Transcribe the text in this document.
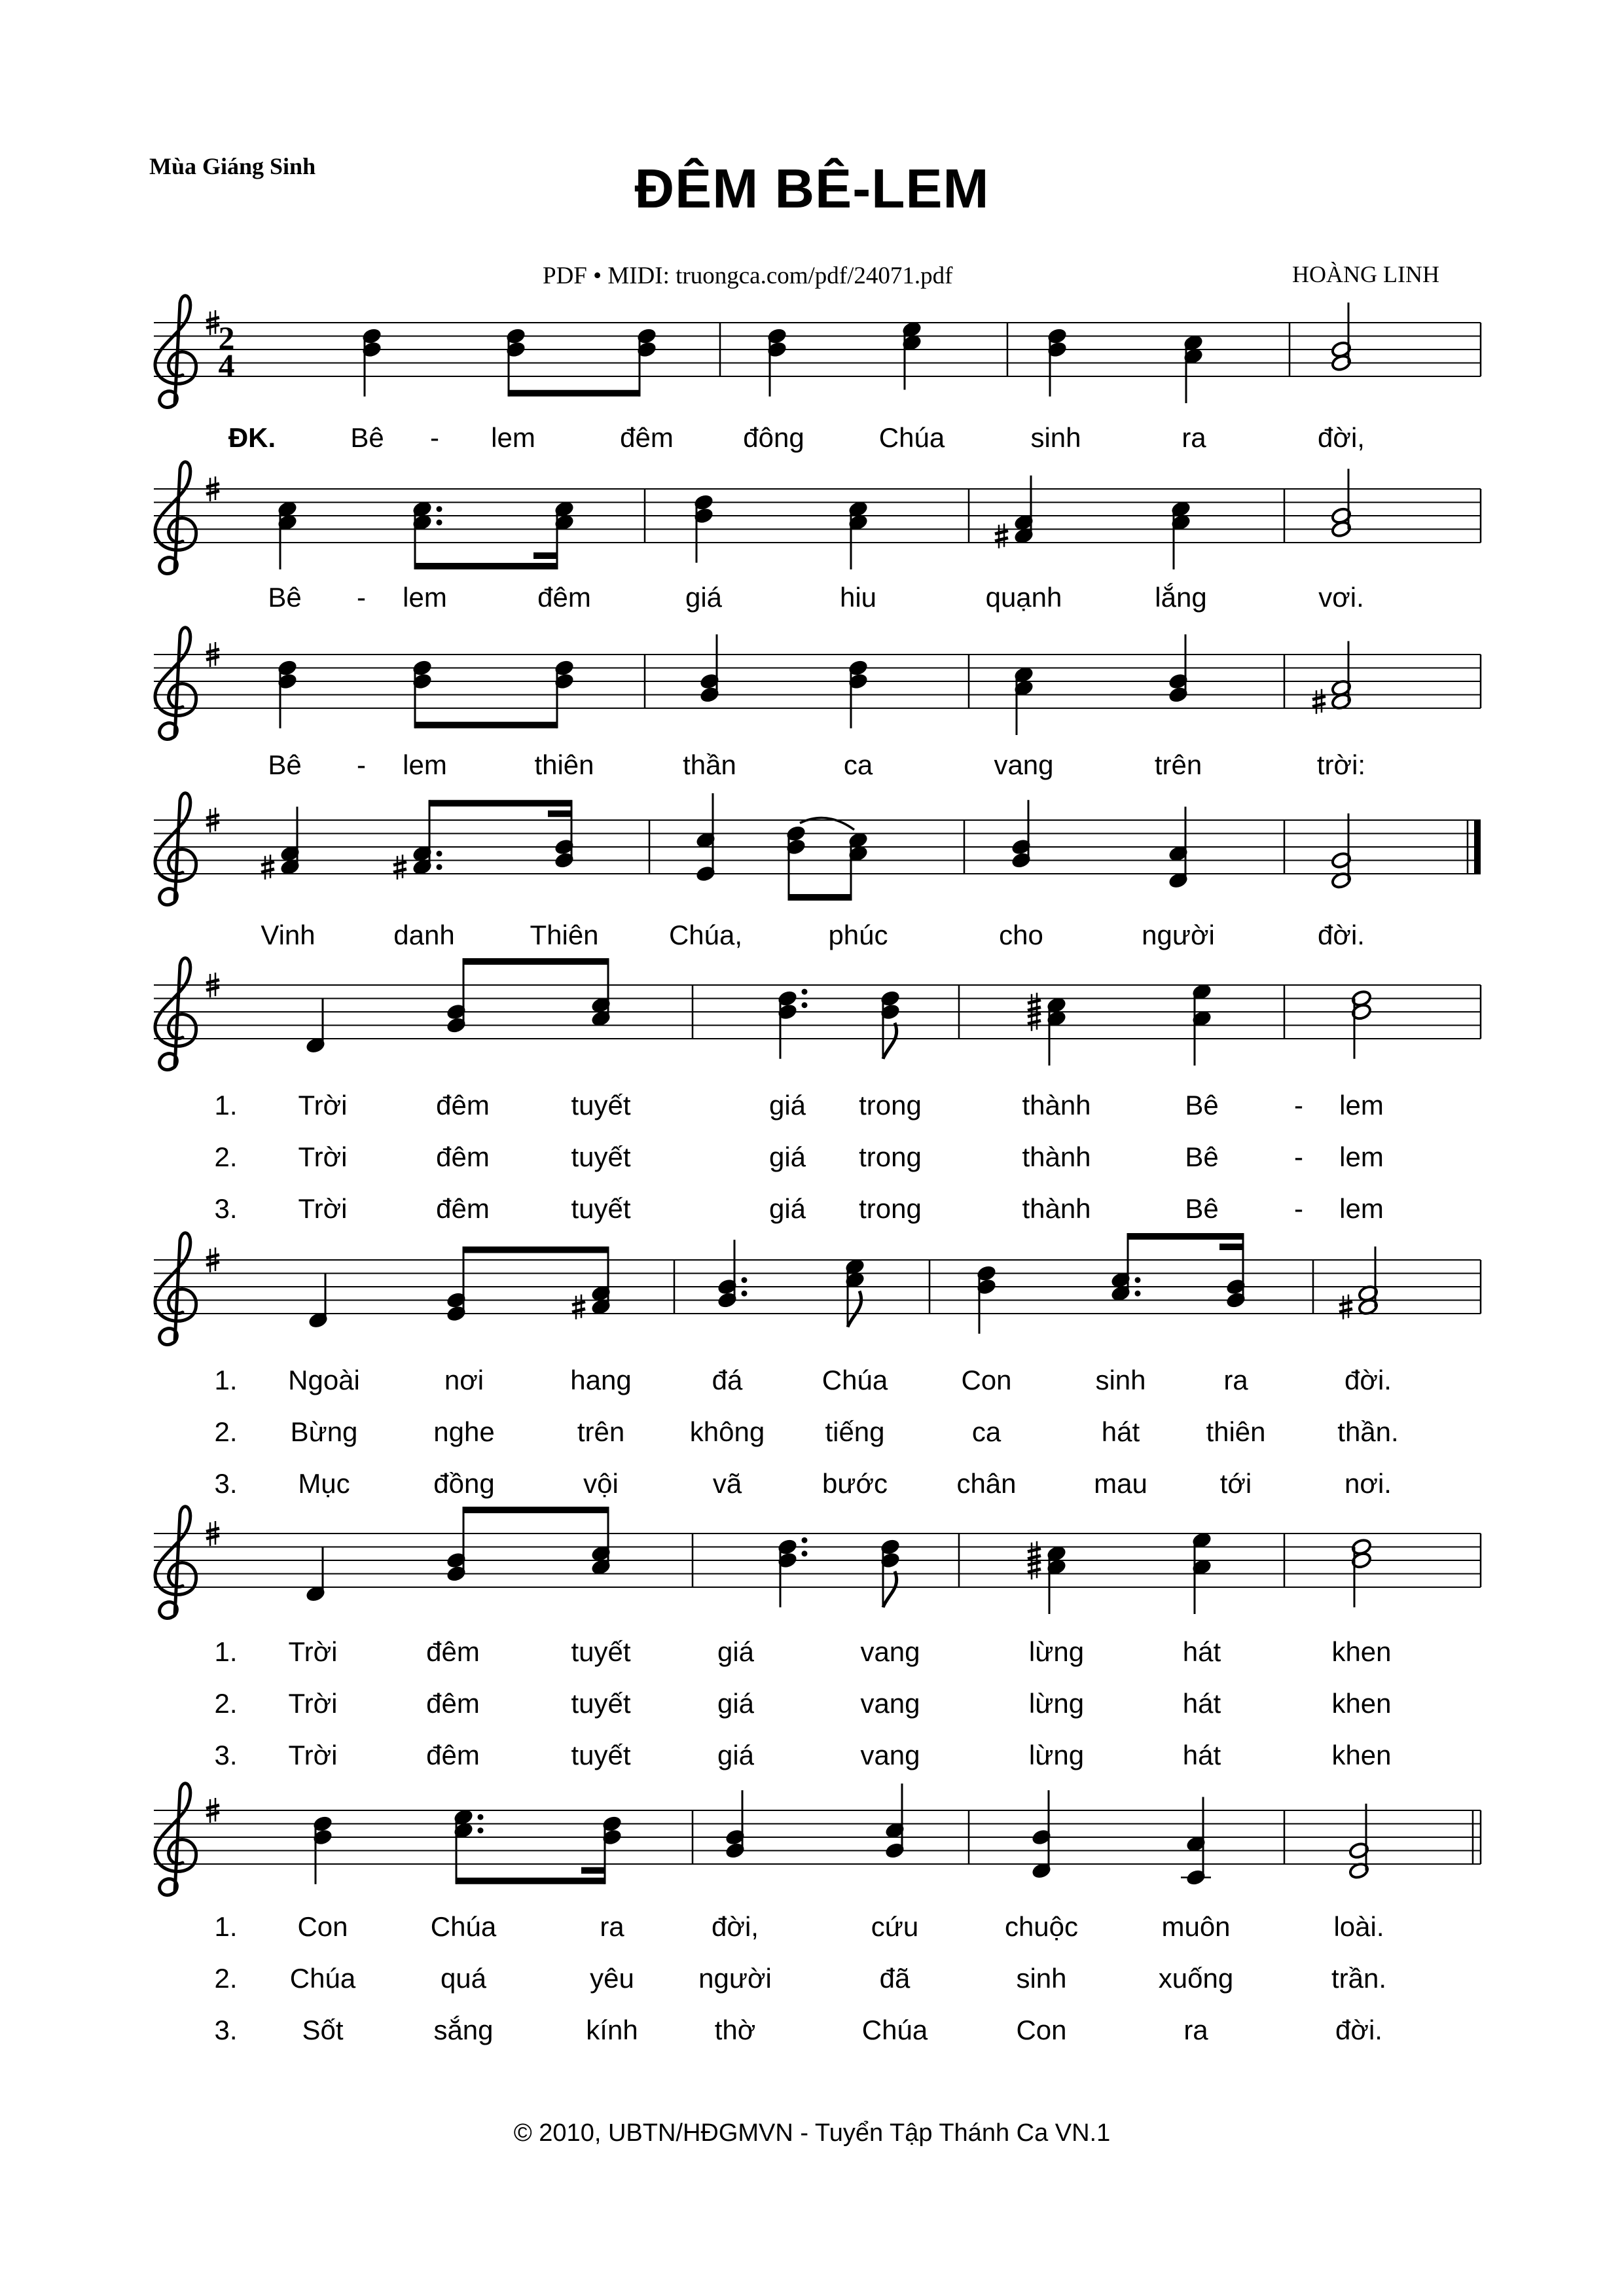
Mùa Giáng Sinh	ĐÊM BÊ-LEM
PDF • MIDI: truongca.com/pdf/24071.pdf	HOÀNG LINH
2
4
ĐK.	Bê - lem	đêm	đông	Chúa	sinh	ra	đời,
Bê - lem	đêm	giá	hiu	quạnh	lắng	vơi.
Bê - lem	thiên	thần	ca	vang	trên	trời:
Vinh	danh	Thiên	Chúa,	phúc	cho	người	đời.
1. Trời	đêm	tuyết	giá trong	thành	Bê	- lem
2. Trời	đêm	tuyết	giá trong	thành	Bê	- lem
3. Trời	đêm	tuyết	giá trong	thành	Bê	- lem
1. Ngoài	nơi	hang	đá	Chúa	Con	sinh	ra	đời.
2. Bừng	nghe	trên không tiếng	ca	hát thiên	thần.
3. Mục	đồng	vội	vã	bước	chân	mau	tới	nơi.
1. Trời	đêm	tuyết	giá	vang	lừng	hát	khen
2. Trời	đêm	tuyết	giá	vang	lừng	hát	khen
3. Trời	đêm	tuyết	giá	vang	lừng	hát	khen
1. Con	Chúa	ra	đời,	cứu	chuộc	muôn	loài.
2. Chúa	quá	yêu người	đã	sinh	xuống	trần.
3. Sốt	sắng	kính	thờ	Chúa	Con	ra	đời.
© 2010, UBTN/HĐGMVN - Tuyển Tập Thánh Ca VN.1
